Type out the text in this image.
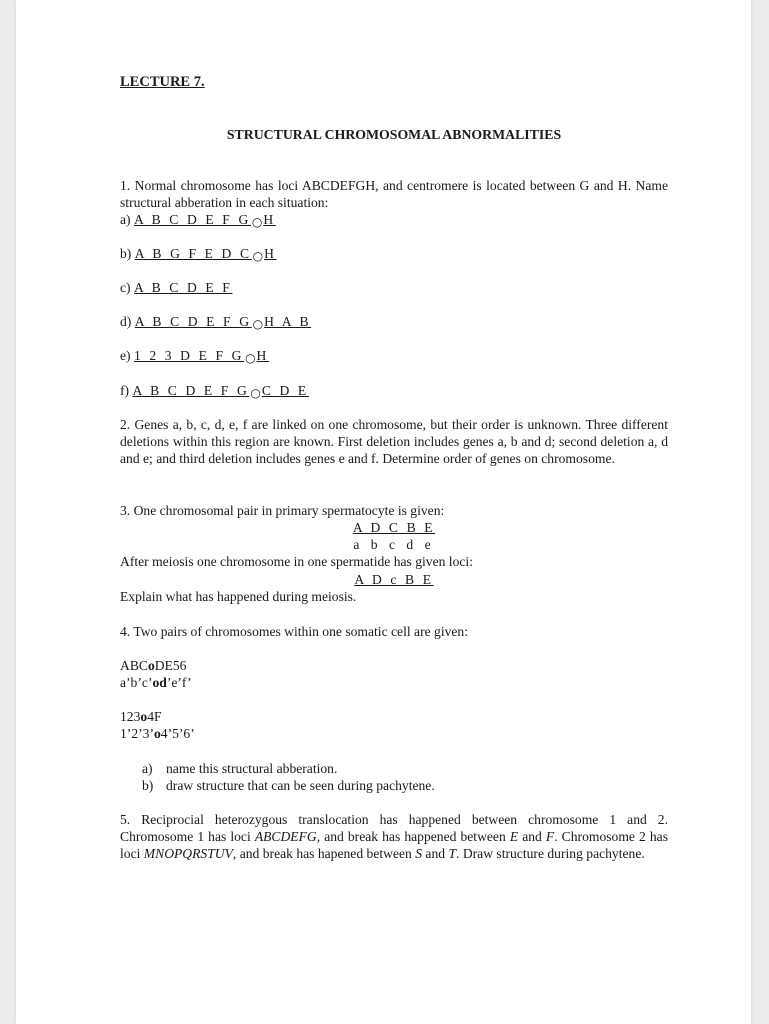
LECTURE 7.
STRUCTURAL CHROMOSOMAL ABNORMALITIES
1. Normal chromosome has loci ABCDEFGH, and centromere is located between G and H. Name structural abberation in each situation:
a) A B C D E F G○H
b) A B G F E D C○H
c) A B C D E F
d) A B C D E F G○H A B
e) 1 2 3 D E F G○H
f) A B C D E F G○C D E
2. Genes a, b, c, d, e, f are linked on one chromosome, but their order is unknown. Three different deletions within this region are known. First deletion includes genes a, b and d; second deletion a, d and e; and third deletion includes genes e and f. Determine order of genes on chromosome.
3. One chromosomal pair in primary spermatocyte is given:
A D C B E
a b c d e
After meiosis one chromosome in one spermatide has given loci:
A D c B E
Explain what has happened during meiosis.
4. Two pairs of chromosomes within one somatic cell are given:
ABCoDE56
a’b’c’od’e’f’
123o4F
1’2’3’o4’5’6’
a) name this structural abberation.
b) draw structure that can be seen during pachytene.
5. Reciprocial heterozygous translocation has happened between chromosome 1 and 2. Chromosome 1 has loci ABCDEFG, and break has happened between E and F. Chromosome 2 has loci MNOPQRSTUV, and break has hapened between S and T. Draw structure during pachytene.
